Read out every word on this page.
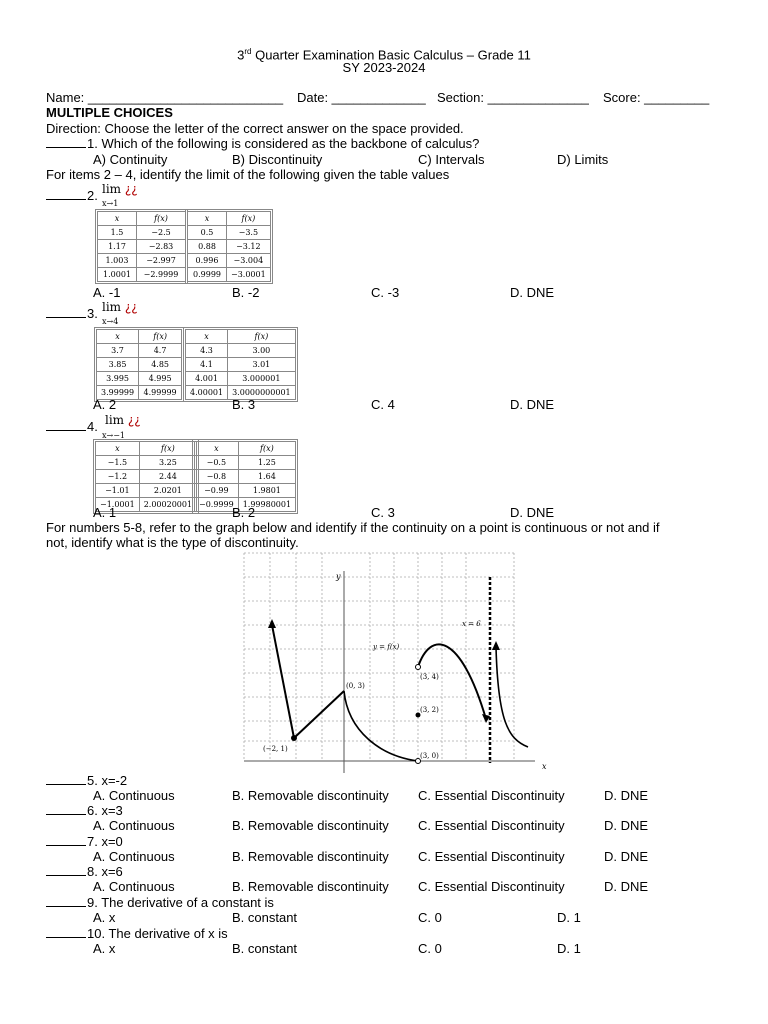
3rd Quarter Examination Basic Calculus – Grade 11
SY 2023-2024
Name: ___________________________ Date: _____________ Section: ______________ Score: _________
MULTIPLE CHOICES
Direction: Choose the letter of the correct answer on the space provided.
1. Which of the following is considered as the backbone of calculus?
A) Continuity	B) Discontinuity	C) Intervals	D) Limits
For items 2 – 4, identify the limit of the following given the table values
lim ¿¿
2.
x→1
x	f(x)
1.5	−2.5
1.17	−2.83
1.003	−2.997
1.0001	−2.9999
x	f(x)
0.5	−3.5
0.88	−3.12
0.996	−3.004
0.9999	−3.0001
A. -1	B. -2	C. -3	D. DNE
lim ¿¿
3.
x→4
x	f(x)
3.7	4.7
3.85	4.85
3.995	4.995
3.99999	4.99999
x	f(x)
4.3	3.00
4.1	3.01
4.001	3.000001
4.00001	3.0000000001
A. 2	B. 3	C. 4	D. DNE
lim ¿¿
4.
x→−1
x	f(x)
−1.5	3.25
−1.2	2.44
−1.01	2.0201
−1.0001	2.00020001
x	f(x)
−0.5	1.25
−0.8	1.64
−0.99	1.9801
−0.9999	1.99980001
A. 1	B. 2	C. 3	D. DNE
For numbers 5-8, refer to the graph below and identify if the continuity on a point is continuous or not and if
not, identify what is the type of discontinuity.
y
x
x = 6
y = f(x)
(−2, 1)
(0, 3)
(3, 4)
(3, 2)
(3, 0)
5. x=-2
A. Continuous	B. Removable discontinuity C. Essential Discontinuity	D. DNE
6. x=3
A. Continuous	B. Removable discontinuity C. Essential Discontinuity	D. DNE
7. x=0
A. Continuous	B. Removable discontinuity C. Essential Discontinuity	D. DNE
8. x=6
A. Continuous	B. Removable discontinuity C. Essential Discontinuity	D. DNE
9. The derivative of a constant is
A. x	B. constant	C. 0	D. 1
10. The derivative of x is
A. x	B. constant	C. 0	D. 1
